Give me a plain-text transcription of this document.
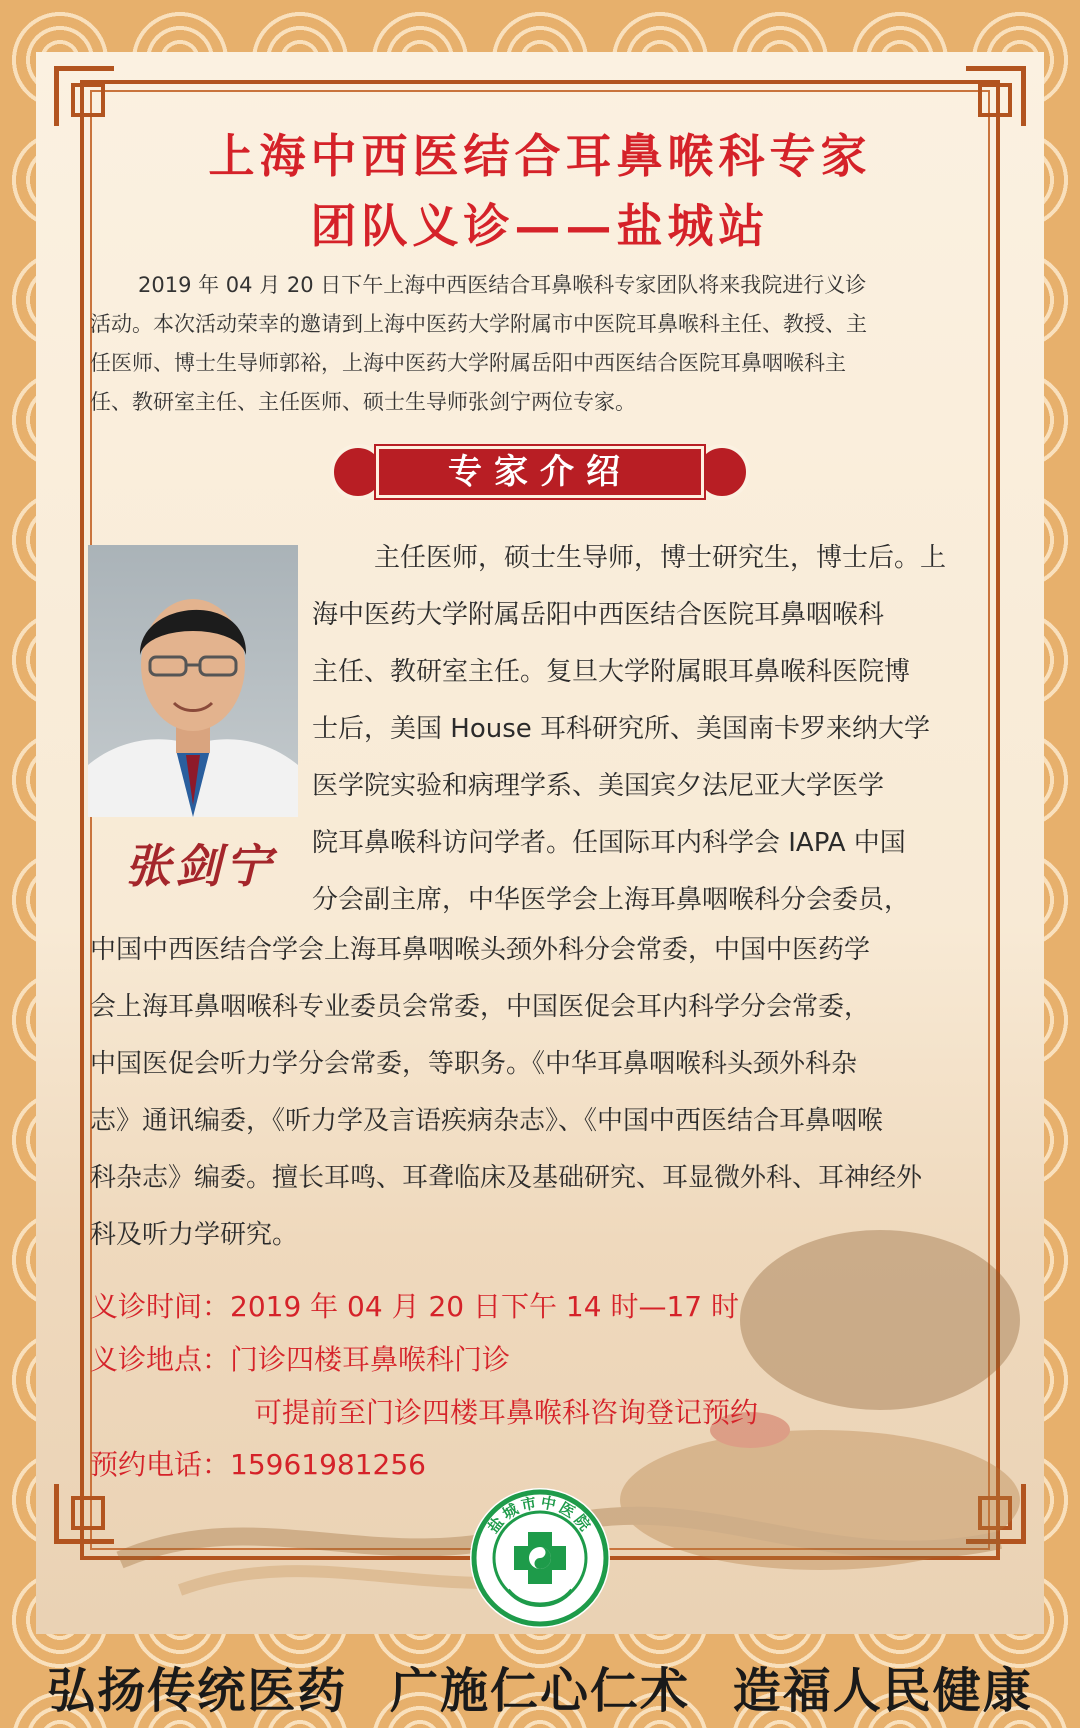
上海中西医结合耳鼻喉科专家
团队义诊——盐城站
2019 年 04 月 20 日下午上海中西医结合耳鼻喉科专家团队将来我院进行义诊
活动。本次活动荣幸的邀请到上海中医药大学附属市中医院耳鼻喉科主任、教授、主
任医师、博士生导师郭裕，上海中医药大学附属岳阳中西医结合医院耳鼻咽喉科主
任、教研室主任、主任医师、硕士生导师张剑宁两位专家。
专家介绍
张剑宁
主任医师，硕士生导师，博士研究生，博士后。上
海中医药大学附属岳阳中西医结合医院耳鼻咽喉科
主任、教研室主任。复旦大学附属眼耳鼻喉科医院博
士后，美国 House 耳科研究所、美国南卡罗来纳大学
医学院实验和病理学系、美国宾夕法尼亚大学医学
院耳鼻喉科访问学者。任国际耳内科学会 IAPA 中国
分会副主席，中华医学会上海耳鼻咽喉科分会委员，
中国中西医结合学会上海耳鼻咽喉头颈外科分会常委，中国中医药学
会上海耳鼻咽喉科专业委员会常委，中国医促会耳内科学分会常委，
中国医促会听力学分会常委，等职务。《中华耳鼻咽喉科头颈外科杂
志》通讯编委，《听力学及言语疾病杂志》、《中国中西医结合耳鼻咽喉
科杂志》编委。擅长耳鸣、耳聋临床及基础研究、耳显微外科、耳神经外
科及听力学研究。
义诊时间：2019 年 04 月 20 日下午 14 时—17 时
义诊地点：门诊四楼耳鼻喉科门诊
可提前至门诊四楼耳鼻喉科咨询登记预约
预约电话：15961981256
盐城市中医院
弘扬传统医药 广施仁心仁术 造福人民健康
